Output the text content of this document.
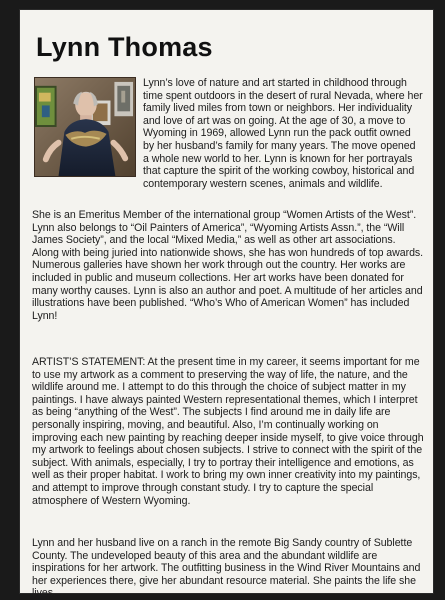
Lynn Thomas

Lynn’s love of nature and art started in childhood through time spent outdoors in the desert of rural Nevada, where her family lived miles from town or neighbors. Her individuality and love of art was on going. At the age of 30, a move to Wyoming in 1969, allowed Lynn run the pack outfit owned by her husband’s family for many years. The move opened a whole new world to her. Lynn is known for her portrayals that capture the spirit of the working cowboy, historical and contemporary western scenes, animals and wildlife.

She is an Emeritus Member of the international group “Women Artists of the West”. Lynn also belongs to “Oil Painters of America”, “Wyoming Artists Assn.”, the “Will James Society”, and the local “Mixed Media,” as well as other art associations. Along with being juried into nationwide shows, she has won hundreds of top awards. Numerous galleries have shown her work through out the country. Her works are included in public and museum collections. Her art works have been donated for many worthy causes. Lynn is also an author and poet. A multitude of her articles and illustrations have been published. “Who’s Who of American Women” has included Lynn!

ARTIST’S STATEMENT: At the present time in my career, it seems important for me to use my artwork as a comment to preserving the way of life, the nature, and the wildlife around me. I attempt to do this through the choice of subject matter in my paintings. I have always painted Western representational themes, which I interpret as being “anything of the West”. The subjects I find around me in daily life are personally inspiring, moving, and beautiful. Also, I’m continually working on improving each new painting by reaching deeper inside myself, to give voice through my artwork to feelings about chosen subjects. I strive to connect with the spirit of the subject. With animals, especially, I try to portray their intelligence and emotions, as well as their proper habitat. I work to bring my own inner creativity into my paintings, and attempt to improve through constant study. I try to capture the special atmosphere of Western Wyoming.

Lynn and her husband live on a ranch in the remote Big Sandy country of Sublette County. The undeveloped beauty of this area and the abundant wildlife are inspirations for her artwork. The outfitting business in the Wind River Mountains and her experiences there, give her abundant resource material. She paints the life she lives.
